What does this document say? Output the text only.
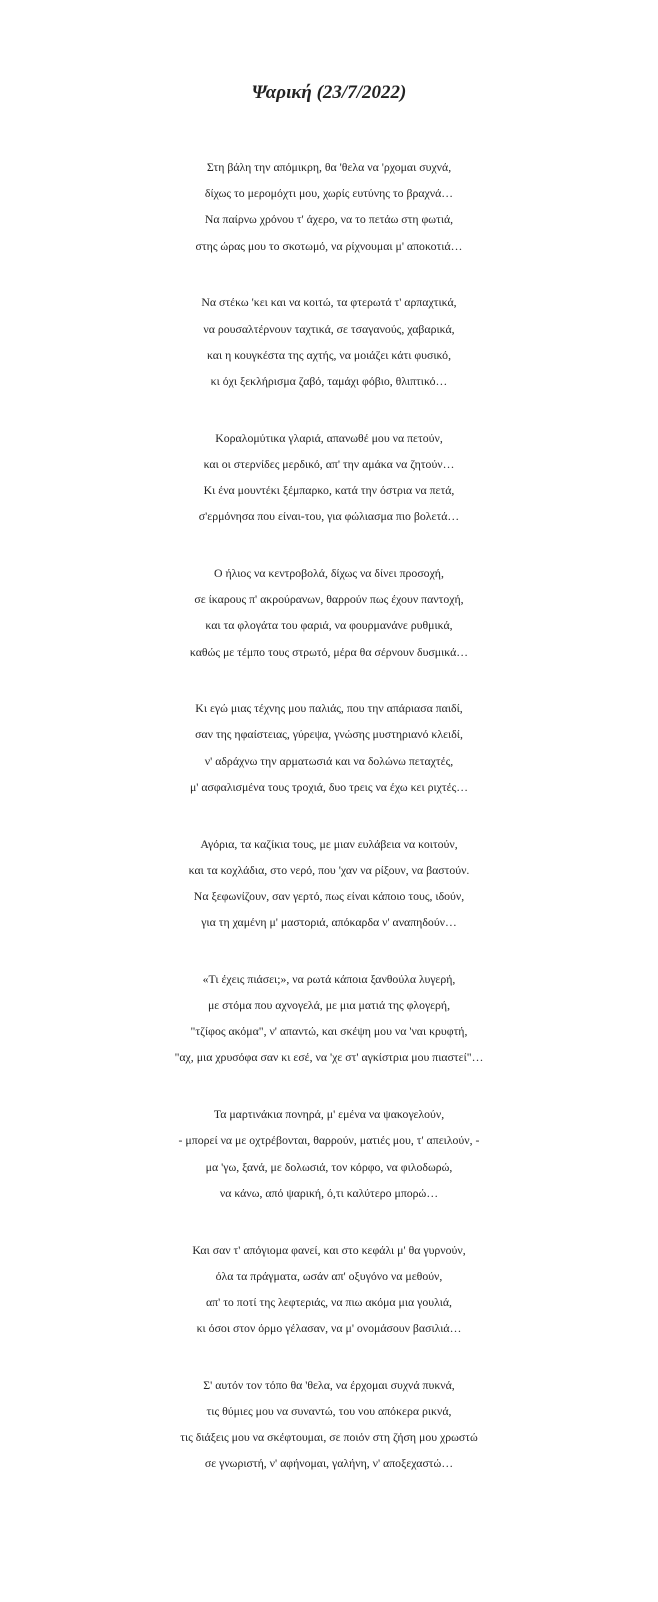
Ψαρική (23/7/2022)
Στη βάλη την απόμικρη, θα 'θελα να 'ρχομαι συχνά,
δίχως το μερομόχτι μου, χωρίς ευτύνης το βραχνά…
Να παίρνω χρόνου τ' άχερο, να το πετάω στη φωτιά,
στης ώρας μου το σκοτωμό, να ρίχνουμαι μ' αποκοτιά…
Να στέκω 'κει και να κοιτώ, τα φτερωτά τ' αρπαχτικά,
να ρουσαλτέρνουν ταχτικά, σε τσαγανούς, χαβαρικά,
και η κουγκέστα της αχτής, να μοιάζει κάτι φυσικό,
κι όχι ξεκλήρισμα ζαβό, ταμάχι φόβιο, θλιπτικό…
Κοραλομύτικα γλαριά, απανωθέ μου να πετούν,
και οι στερνίδες μερδικό, απ' την αμάκα να ζητούν…
Κι ένα μουντέκι ξέμπαρκο, κατά την όστρια να πετά,
σ'ερμόνησα που είναι-του, για φώλιασμα πιο βολετά…
Ο ήλιος να κεντροβολά, δίχως να δίνει προσοχή,
σε ίκαρους π' ακρούρανων, θαρρούν πως έχουν παντοχή,
και τα φλογάτα του φαριά, να φουρμανάνε ρυθμικά,
καθώς με τέμπο τους στρωτό, μέρα θα σέρνουν δυσμικά…
Κι εγώ μιας τέχνης μου παλιάς, που την απάριασα παιδί,
σαν της ηφαίστειας, γύρεψα, γνώσης μυστηριανό κλειδί,
ν' αδράχνω την αρματωσιά και να δολώνω πεταχτές,
μ' ασφαλισμένα τους τροχιά, δυο τρεις να έχω κει ριχτές…
Αγόρια, τα καζίκια τους, με μιαν ευλάβεια να κοιτούν,
και τα κοχλάδια, στο νερό, που 'χαν να ρίξουν, να βαστούν.
Να ξεφωνίζουν, σαν γερτό, πως είναι κάποιο τους, ιδούν,
για τη χαμένη μ' μαστοριά, απόκαρδα ν' αναπηδούν…
«Τι έχεις πιάσει;», να ρωτά κάποια ξανθούλα λυγερή,
με στόμα που αχνογελά, με μια ματιά της φλογερή,
"τζίφος ακόμα", ν' απαντώ, και σκέψη μου να 'ναι κρυφτή,
"αχ, μια χρυσόφα σαν κι εσέ, να 'χε στ' αγκίστρια μου πιαστεί"…
Τα μαρτινάκια πονηρά, μ' εμένα να ψακογελούν,
- μπορεί να με οχτρέβονται, θαρρούν, ματιές μου, τ' απειλούν, -
μα 'γω, ξανά, με δολωσιά, τον κόρφο, να φιλοδωρώ,
να κάνω, από ψαρική, ό,τι καλύτερο μπορώ…
Και σαν τ' απόγιομα φανεί, και στο κεφάλι μ' θα γυρνούν,
όλα τα πράγματα, ωσάν απ' οξυγόνο να μεθούν,
απ' το ποτί της λεφτεριάς, να πιω ακόμα μια γουλιά,
κι όσοι στον όρμο γέλασαν, να μ' ονομάσουν βασιλιά…
Σ' αυτόν τον τόπο θα 'θελα, να έρχομαι συχνά πυκνά,
τις θύμιες μου να συναντώ, του νου απόκερα ρικνά,
τις διάξεις μου να σκέφτουμαι, σε ποιόν στη ζήση μου χρωστώ
σε γνωριστή, ν' αφήνομαι, γαλήνη, ν' αποξεχαστώ…
